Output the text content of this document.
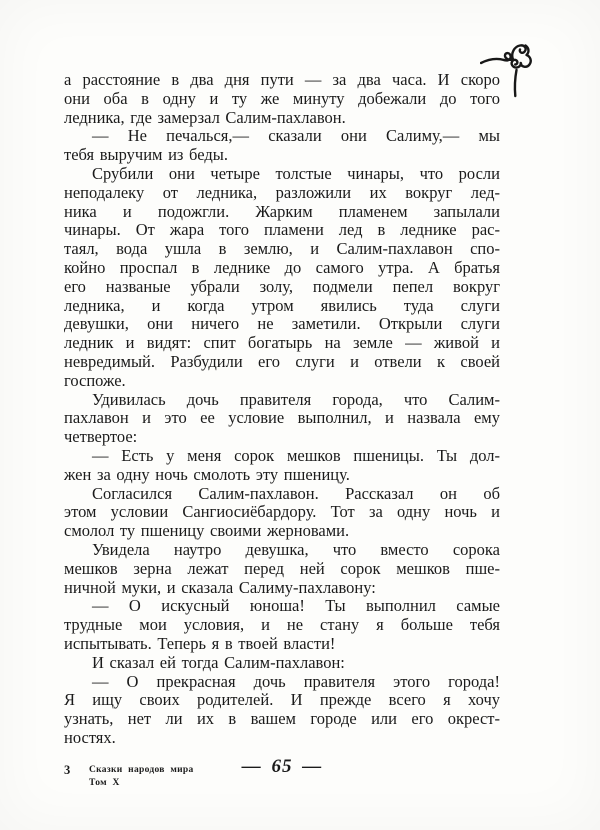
а расстояние в два дня пути — за два часа. И скоро
они оба в одну и ту же минуту добежали до того
ледника, где замерзал Салим-пахлавон.
— Не печалься,— сказали они Салиму,— мы
тебя выручим из беды.
Срубили они четыре толстые чинары, что росли
неподалеку от ледника, разложили их вокруг лед-
ника и подожгли. Жарким пламенем запылали
чинары. От жара того пламени лед в леднике рас-
таял, вода ушла в землю, и Салим-пахлавон спо-
койно проспал в леднике до самого утра. А братья
его названые убрали золу, подмели пепел вокруг
ледника, и когда утром явились туда слуги
девушки, они ничего не заметили. Открыли слуги
ледник и видят: спит богатырь на земле — живой и
невредимый. Разбудили его слуги и отвели к своей
госпоже.
Удивилась дочь правителя города, что Салим-
пахлавон и это ее условие выполнил, и назвала ему
четвертое:
— Есть у меня сорок мешков пшеницы. Ты дол-
жен за одну ночь смолоть эту пшеницу.
Согласился Салим-пахлавон. Рассказал он об
этом условии Сангиосиёбардору. Тот за одну ночь и
смолол ту пшеницу своими жерновами.
Увидела наутро девушка, что вместо сорока
мешков зерна лежат перед ней сорок мешков пше-
ничной муки, и сказала Салиму-пахлавону:
— О искусный юноша! Ты выполнил самые
трудные мои условия, и не стану я больше тебя
испытывать. Теперь я в твоей власти!
И сказал ей тогда Салим-пахлавон:
— О прекрасная дочь правителя этого города!
Я ищу своих родителей. И прежде всего я хочу
узнать, нет ли их в вашем городе или его окрест-
ностях.
3 Сказки народов мира
Том X
— 65 —
